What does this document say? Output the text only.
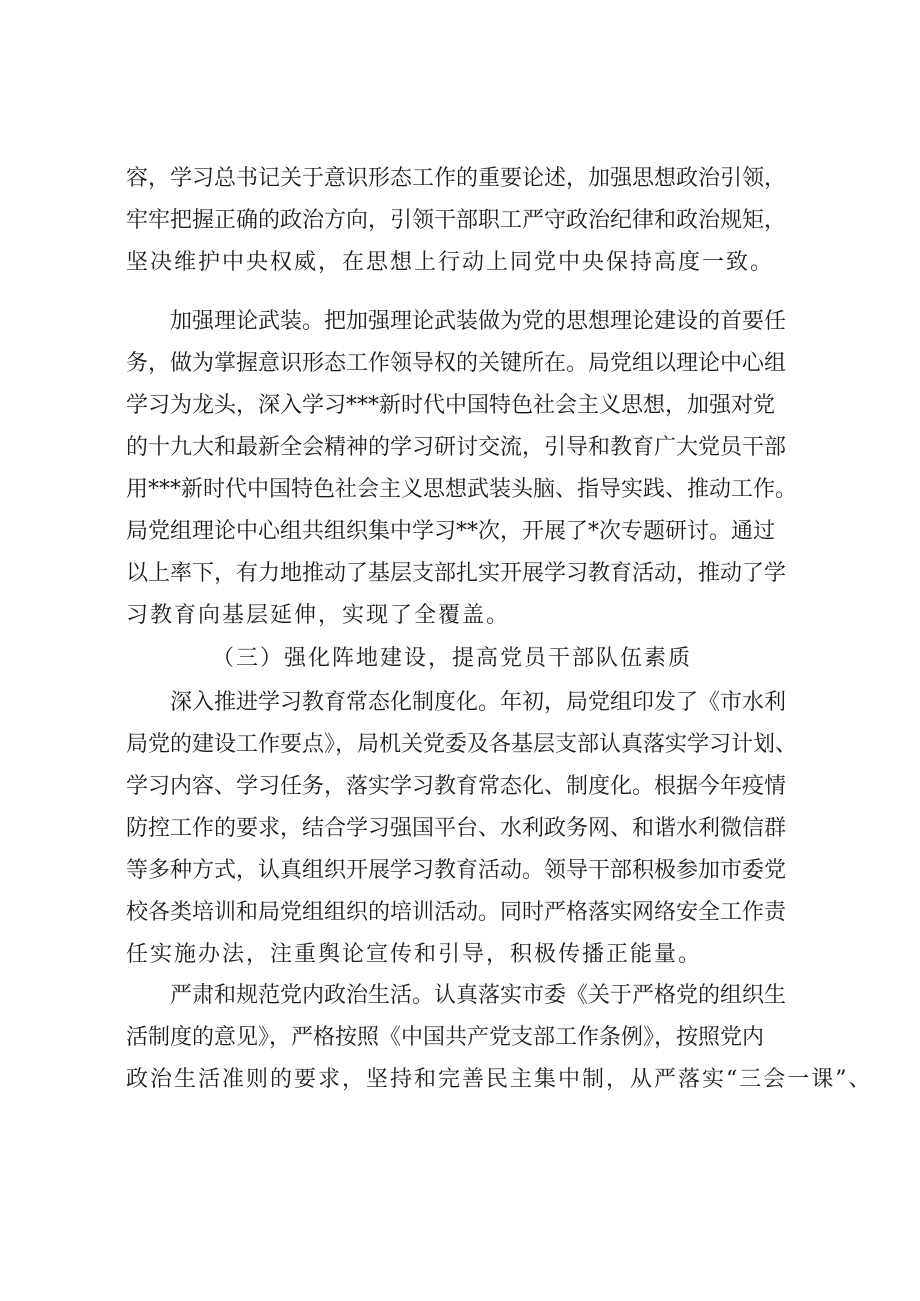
容，学习总书记关于意识形态工作的重要论述，加强思想政治引领，
牢牢把握正确的政治方向，引领干部职工严守政治纪律和政治规矩，
坚决维护中央权威，在思想上行动上同党中央保持高度一致。
加强理论武装。把加强理论武装做为党的思想理论建设的首要任
务，做为掌握意识形态工作领导权的关键所在。局党组以理论中心组
学习为龙头，深入学习***新时代中国特色社会主义思想，加强对党
的十九大和最新全会精神的学习研讨交流，引导和教育广大党员干部
用***新时代中国特色社会主义思想武装头脑、指导实践、推动工作。
局党组理论中心组共组织集中学习**次，开展了*次专题研讨。通过
以上率下，有力地推动了基层支部扎实开展学习教育活动，推动了学
习教育向基层延伸，实现了全覆盖。
（三）强化阵地建设，提高党员干部队伍素质
深入推进学习教育常态化制度化。年初，局党组印发了《市水利
局党的建设工作要点》，局机关党委及各基层支部认真落实学习计划、
学习内容、学习任务，落实学习教育常态化、制度化。根据今年疫情
防控工作的要求，结合学习强国平台、水利政务网、和谐水利微信群
等多种方式，认真组织开展学习教育活动。领导干部积极参加市委党
校各类培训和局党组组织的培训活动。同时严格落实网络安全工作责
任实施办法，注重舆论宣传和引导，积极传播正能量。
严肃和规范党内政治生活。认真落实市委《关于严格党的组织生
活制度的意见》，严格按照《中国共产党支部工作条例》，按照党内
政治生活准则的要求，坚持和完善民主集中制，从严落实“三会一课”、
